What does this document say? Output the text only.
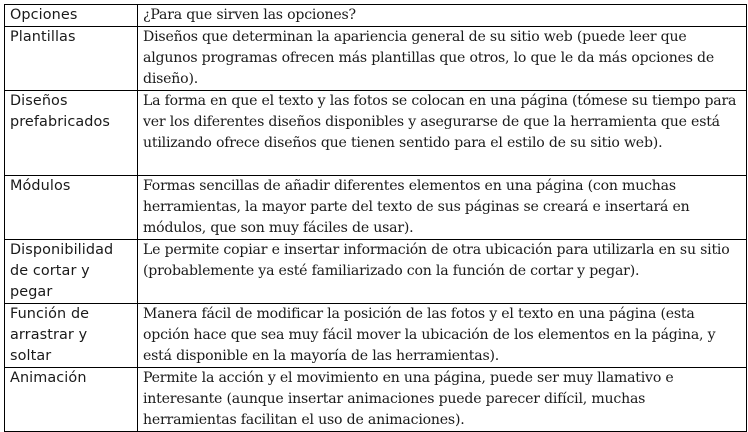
Opciones	¿Para que sirven las opciones?
Plantillas	Diseños que determinan la apariencia general de su sitio web (puede leer que algunos programas ofrecen más plantillas que otros, lo que le da más opciones de diseño).
Diseños prefabricados	La forma en que el texto y las fotos se colocan en una página (tómese su tiempo para ver los diferentes diseños disponibles y asegurarse de que la herramienta que está utilizando ofrece diseños que tienen sentido para el estilo de su sitio web).
Módulos	Formas sencillas de añadir diferentes elementos en una página (con muchas herramientas, la mayor parte del texto de sus páginas se creará e insertará en módulos, que son muy fáciles de usar).
Disponibilidad de cortar y pegar	Le permite copiar e insertar información de otra ubicación para utilizarla en su sitio (probablemente ya esté familiarizado con la función de cortar y pegar).
Función de arrastrar y soltar	Manera fácil de modificar la posición de las fotos y el texto en una página (esta opción hace que sea muy fácil mover la ubicación de los elementos en la página, y está disponible en la mayoría de las herramientas).
Animación	Permite la acción y el movimiento en una página, puede ser muy llamativo e interesante (aunque insertar animaciones puede parecer difícil, muchas herramientas facilitan el uso de animaciones).
